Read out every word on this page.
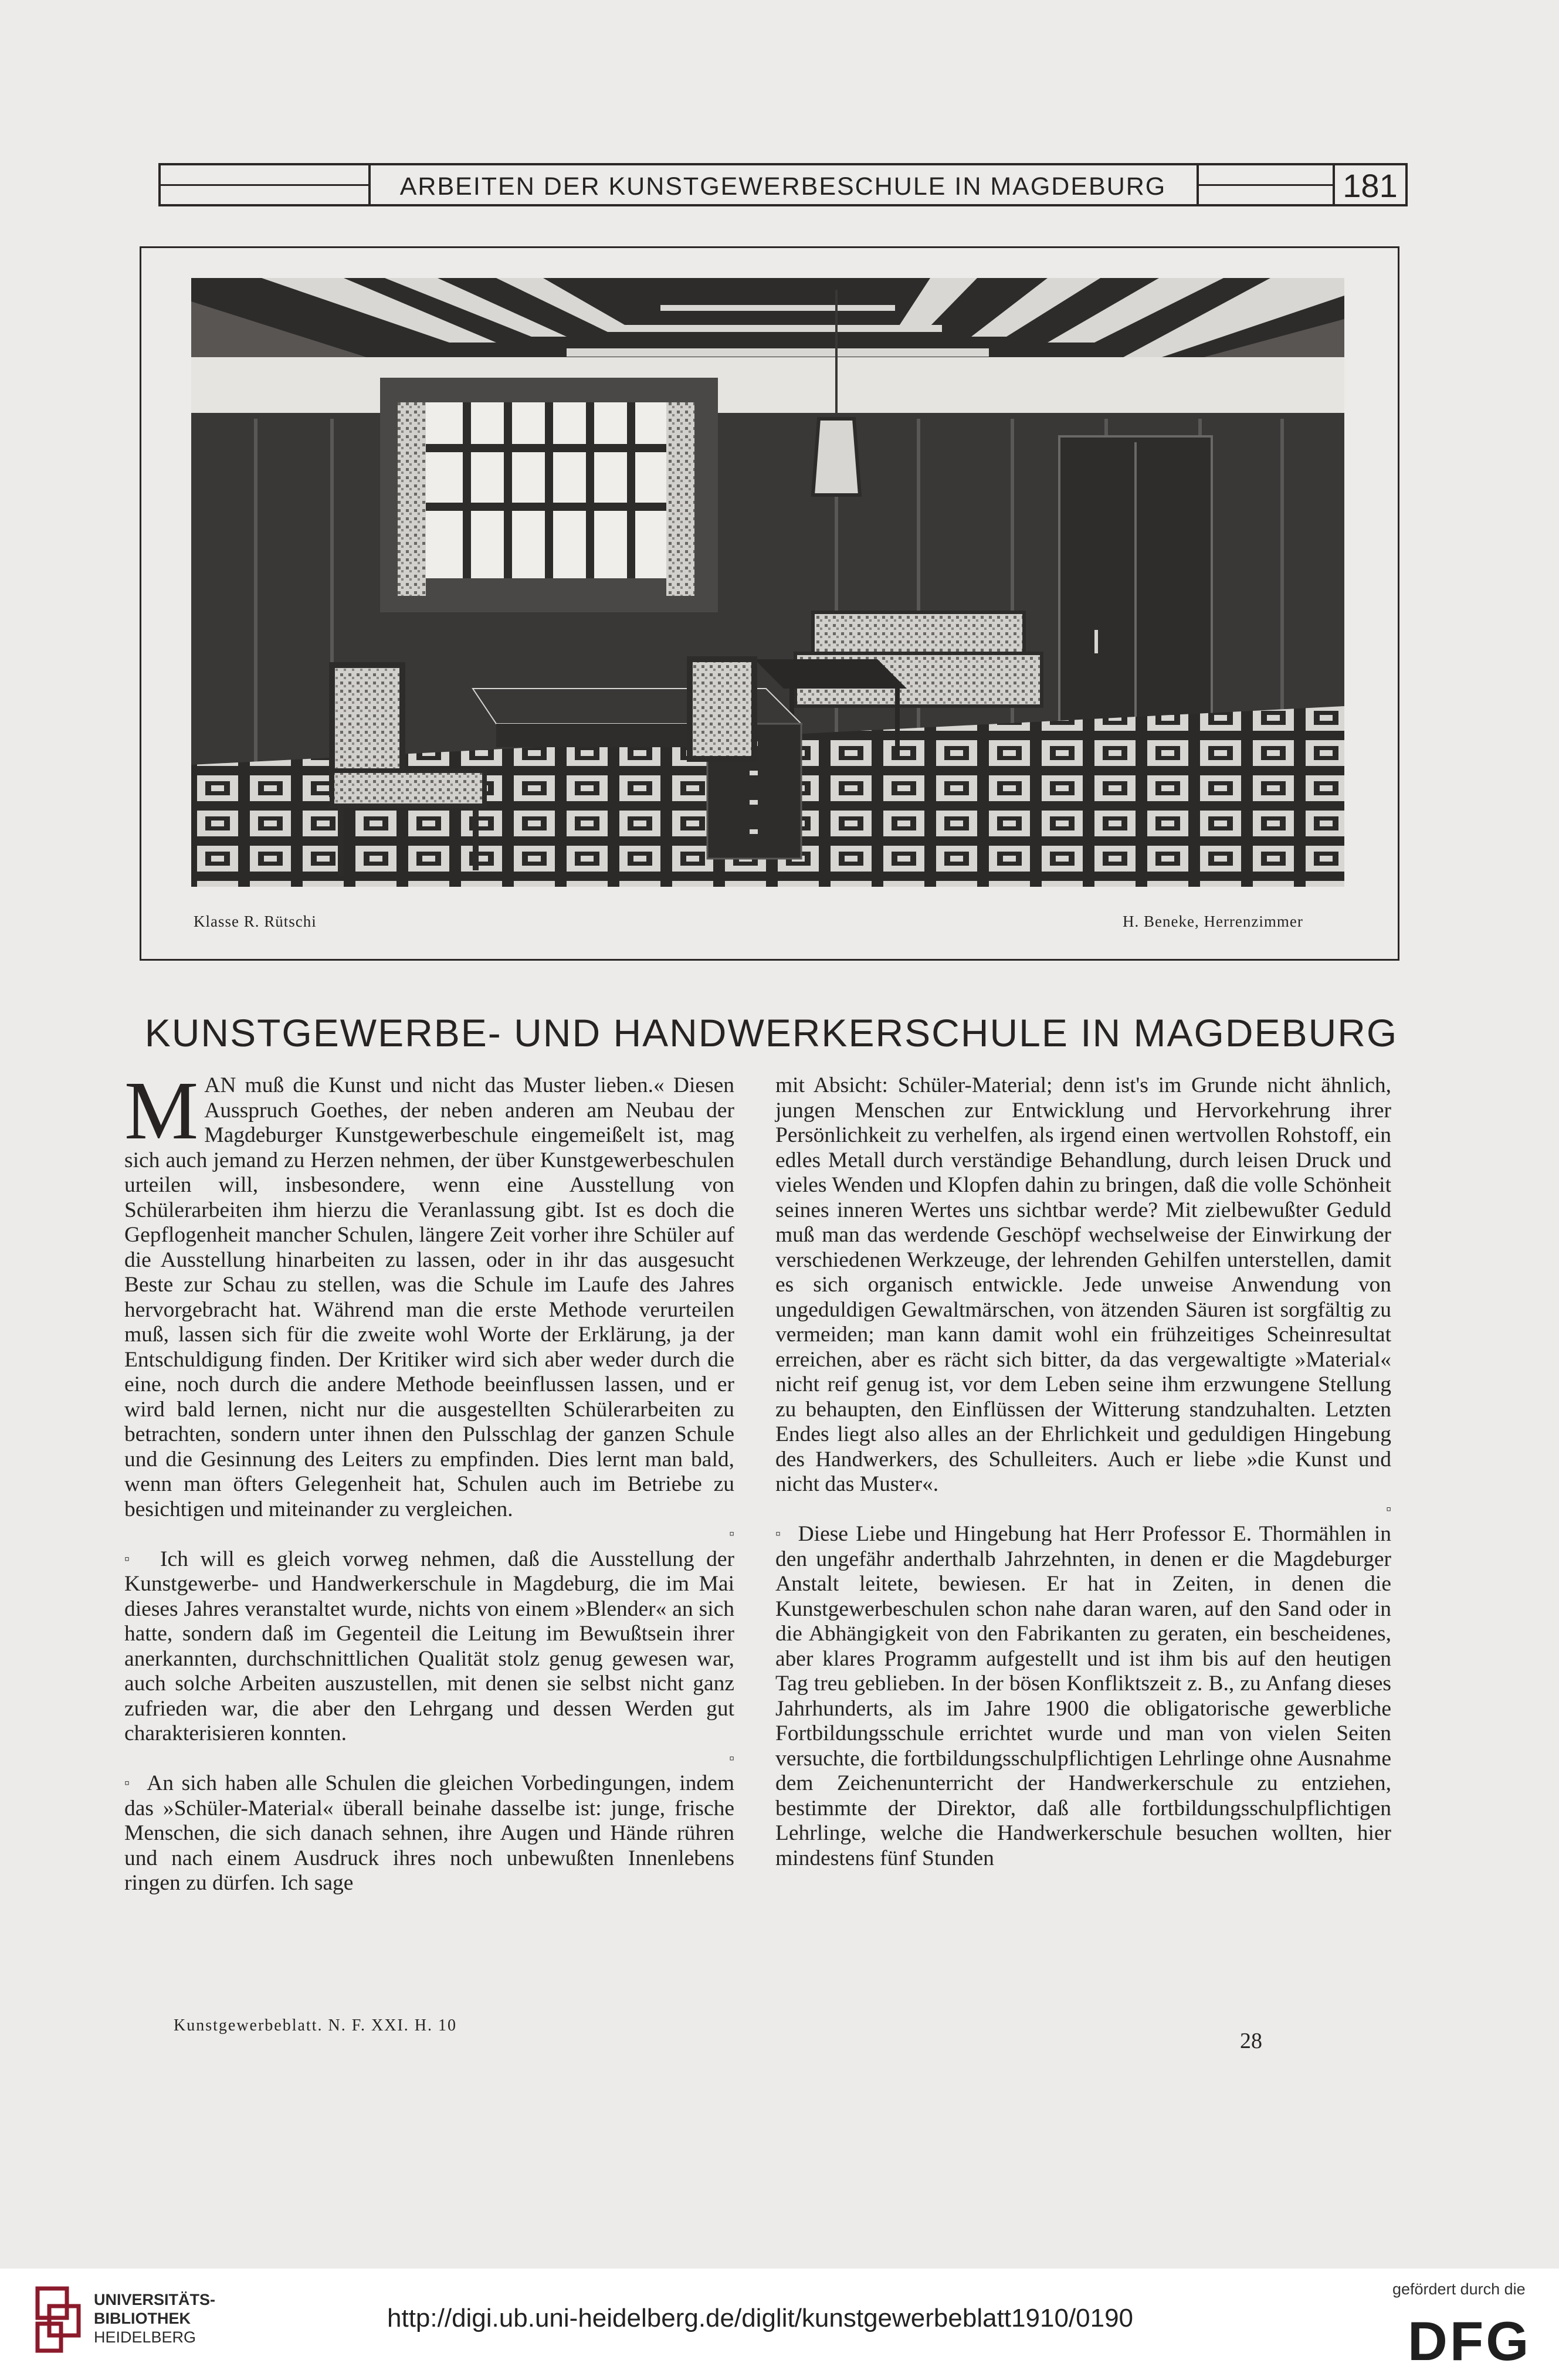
ARBEITEN DER KUNSTGEWERBESCHULE IN MAGDEBURG	181
Klasse R. Rütschi	H. Beneke, Herrenzimmer
KUNSTGEWERBE- UND HANDWERKERSCHULE IN MAGDEBURG

MAN muß die Kunst und nicht das Muster lieben.« Diesen Ausspruch Goethes, der neben anderen am Neubau der Magdeburger Kunstgewerbeschule eingemeißelt ist, mag sich auch jemand zu Herzen nehmen, der über Kunstgewerbeschulen urteilen will, insbesondere, wenn eine Ausstellung von Schülerarbeiten ihm hierzu die Veranlassung gibt. Ist es doch die Gepflogenheit mancher Schulen, längere Zeit vorher ihre Schüler auf die Ausstellung hinarbeiten zu lassen, oder in ihr das ausgesucht Beste zur Schau zu stellen, was die Schule im Laufe des Jahres hervorgebracht hat. Während man die erste Methode verurteilen muß, lassen sich für die zweite wohl Worte der Erklärung, ja der Entschuldigung finden. Der Kritiker wird sich aber weder durch die eine, noch durch die andere Methode beeinflussen lassen, und er wird bald lernen, nicht nur die ausgestellten Schülerarbeiten zu betrachten, sondern unter ihnen den Pulsschlag der ganzen Schule und die Gesinnung des Leiters zu empfinden. Dies lernt man bald, wenn man öfters Gelegenheit hat, Schulen auch im Betriebe zu besichtigen und miteinander zu vergleichen.
▫

▫ Ich will es gleich vorweg nehmen, daß die Ausstellung der Kunstgewerbe- und Handwerkerschule in Magdeburg, die im Mai dieses Jahres veranstaltet wurde, nichts von einem »Blender« an sich hatte, sondern daß im Gegenteil die Leitung im Bewußtsein ihrer anerkannten, durchschnittlichen Qualität stolz genug gewesen war, auch solche Arbeiten auszustellen, mit denen sie selbst nicht ganz zufrieden war, die aber den Lehrgang und dessen Werden gut charakterisieren konnten.
▫

▫ An sich haben alle Schulen die gleichen Vorbedingungen, indem das »Schüler-Material« überall beinahe dasselbe ist: junge, frische Menschen, die sich danach sehnen, ihre Augen und Hände rühren und nach einem Ausdruck ihres noch unbewußten Innenlebens ringen zu dürfen. Ich sage

mit Absicht: Schüler-Material; denn ist's im Grunde nicht ähnlich, jungen Menschen zur Entwicklung und Hervorkehrung ihrer Persönlichkeit zu verhelfen, als irgend einen wertvollen Rohstoff, ein edles Metall durch verständige Behandlung, durch leisen Druck und vieles Wenden und Klopfen dahin zu bringen, daß die volle Schönheit seines inneren Wertes uns sichtbar werde? Mit zielbewußter Geduld muß man das werdende Geschöpf wechselweise der Einwirkung der verschiedenen Werkzeuge, der lehrenden Gehilfen unterstellen, damit es sich organisch entwickle. Jede unweise Anwendung von ungeduldigen Gewaltmärschen, von ätzenden Säuren ist sorgfältig zu vermeiden; man kann damit wohl ein frühzeitiges Scheinresultat erreichen, aber es rächt sich bitter, da das vergewaltigte »Material« nicht reif genug ist, vor dem Leben seine ihm erzwungene Stellung zu behaupten, den Einflüssen der Witterung standzuhalten. Letzten Endes liegt also alles an der Ehrlichkeit und geduldigen Hingebung des Handwerkers, des Schulleiters. Auch er liebe »die Kunst und nicht das Muster«.
▫

▫ Diese Liebe und Hingebung hat Herr Professor E. Thormählen in den ungefähr anderthalb Jahrzehnten, in denen er die Magdeburger Anstalt leitete, bewiesen. Er hat in Zeiten, in denen die Kunstgewerbeschulen schon nahe daran waren, auf den Sand oder in die Abhängigkeit von den Fabrikanten zu geraten, ein bescheidenes, aber klares Programm aufgestellt und ist ihm bis auf den heutigen Tag treu geblieben. In der bösen Konfliktszeit z. B., zu Anfang dieses Jahrhunderts, als im Jahre 1900 die obligatorische gewerbliche Fortbildungsschule errichtet wurde und man von vielen Seiten versuchte, die fortbildungsschulpflichtigen Lehrlinge ohne Ausnahme dem Zeichenunterricht der Handwerkerschule zu entziehen, bestimmte der Direktor, daß alle fortbildungsschulpflichtigen Lehrlinge, welche die Handwerkerschule besuchen wollten, hier mindestens fünf Stunden

Kunstgewerbeblatt. N. F. XXI. H. 10
28
UNIVERSITÄTS-
BIBLIOTHEK
HEIDELBERG
http://digi.ub.uni-heidelberg.de/diglit/kunstgewerbeblatt1910/0190
gefördert durch die
DFG
